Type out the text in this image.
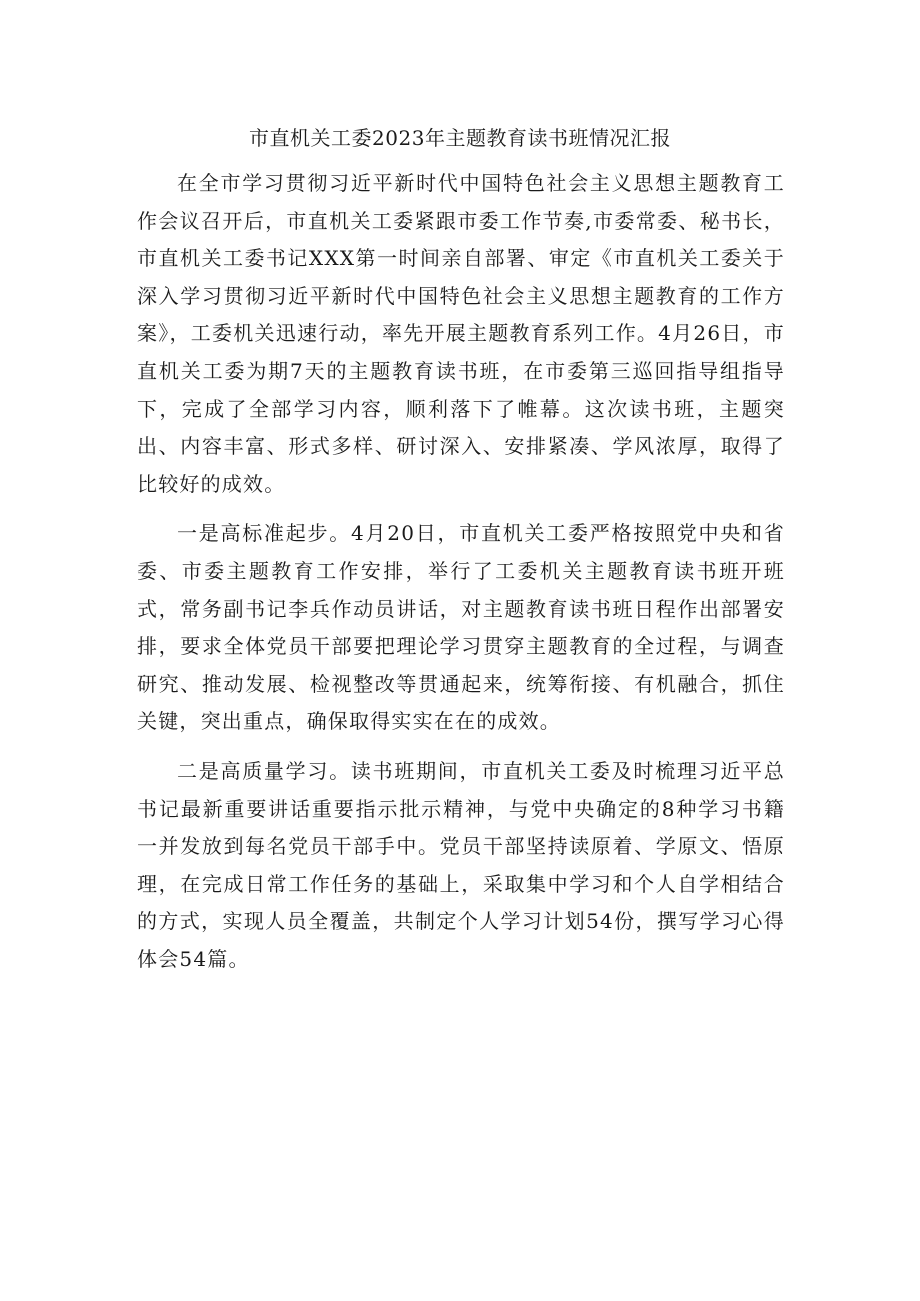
市直机关工委2023年主题教育读书班情况汇报

在全市学习贯彻习近平新时代中国特色社会主义思想主题教育工作会议召开后，市直机关工委紧跟市委工作节奏,市委常委、秘书长，市直机关工委书记XXX第一时间亲自部署、审定《市直机关工委关于深入学习贯彻习近平新时代中国特色社会主义思想主题教育的工作方案》，工委机关迅速行动，率先开展主题教育系列工作。4月26日，市直机关工委为期7天的主题教育读书班，在市委第三巡回指导组指导下，完成了全部学习内容，顺利落下了帷幕。这次读书班，主题突出、内容丰富、形式多样、研讨深入、安排紧凑、学风浓厚，取得了比较好的成效。

一是高标准起步。4月20日，市直机关工委严格按照党中央和省委、市委主题教育工作安排，举行了工委机关主题教育读书班开班式，常务副书记李兵作动员讲话，对主题教育读书班日程作出部署安排，要求全体党员干部要把理论学习贯穿主题教育的全过程，与调查研究、推动发展、检视整改等贯通起来，统筹衔接、有机融合，抓住关键，突出重点，确保取得实实在在的成效。

二是高质量学习。读书班期间，市直机关工委及时梳理习近平总书记最新重要讲话重要指示批示精神，与党中央确定的8种学习书籍一并发放到每名党员干部手中。党员干部坚持读原着、学原文、悟原理，在完成日常工作任务的基础上，采取集中学习和个人自学相结合的方式，实现人员全覆盖，共制定个人学习计划54份，撰写学习心得体会54篇。
